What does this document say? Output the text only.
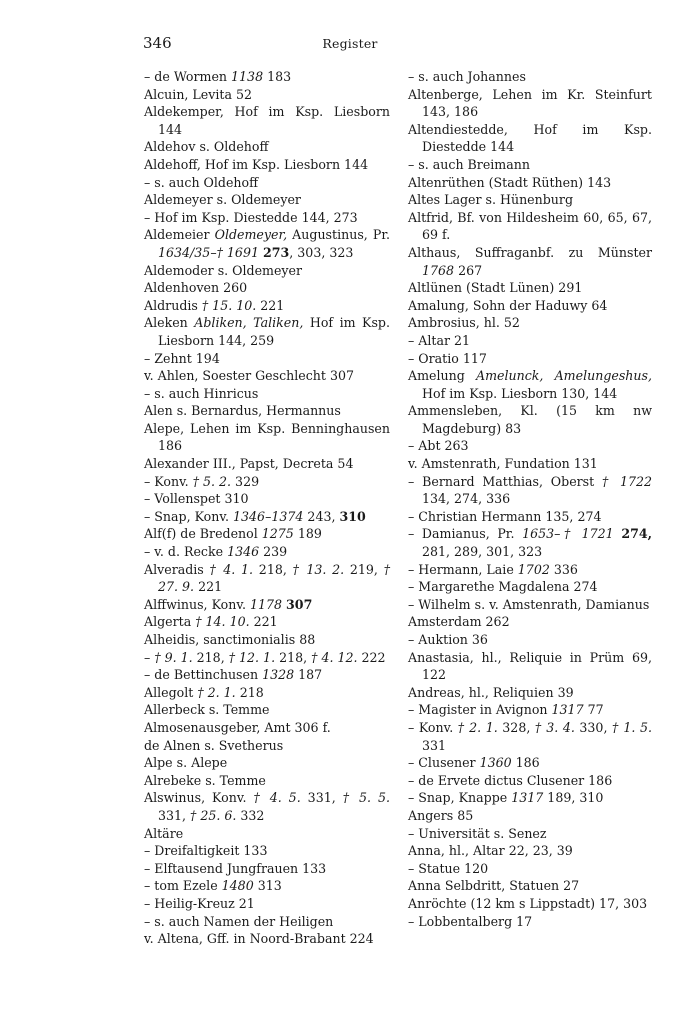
346	Register
– de Wormen 1138 183
Alcuin, Levita 52
Aldekemper, Hof im Ksp. Liesborn 144
Aldehov s. Oldehoff
Aldehoff, Hof im Ksp. Liesborn 144
– s. auch Oldehoff
Aldemeyer s. Oldemeyer
– Hof im Ksp. Diestedde 144, 273
Aldemeier Oldemeyer, Augustinus, Pr. 1634/35–† 1691 273, 303, 323
Aldemoder s. Oldemeyer
Aldenhoven 260
Aldrudis † 15. 10. 221
Aleken Abliken, Taliken, Hof im Ksp. Liesborn 144, 259
– Zehnt 194
v. Ahlen, Soester Geschlecht 307
– s. auch Hinricus
Alen s. Bernardus, Hermannus
Alepe, Lehen im Ksp. Benninghausen 186
Alexander III., Papst, Decreta 54
– Konv. † 5. 2. 329
– Vollenspet 310
– Snap, Konv. 1346–1374 243, 310
Alf(f) de Bredenol 1275 189
– v. d. Recke 1346 239
Alveradis † 4. 1. 218, † 13. 2. 219, † 27. 9. 221
Alffwinus, Konv. 1178 307
Algerta † 14. 10. 221
Alheidis, sanctimonialis 88
– † 9. 1. 218, † 12. 1. 218, † 4. 12. 222
– de Bettinchusen 1328 187
Allegolt † 2. 1. 218
Allerbeck s. Temme
Almosenausgeber, Amt 306 f.
de Alnen s. Svetherus
Alpe s. Alepe
Alrebeke s. Temme
Alswinus, Konv. † 4. 5. 331, † 5. 5. 331, † 25. 6. 332
Altäre
– Dreifaltigkeit 133
– Elftausend Jungfrauen 133
– tom Ezele 1480 313
– Heilig-Kreuz 21
– s. auch Namen der Heiligen
v. Altena, Gff. in Noord-Brabant 224
– s. auch Johannes
Altenberge, Lehen im Kr. Steinfurt 143, 186
Altendiestedde, Hof im Ksp. Diestedde 144
– s. auch Breimann
Altenrüthen (Stadt Rüthen) 143
Altes Lager s. Hünenburg
Altfrid, Bf. von Hildesheim 60, 65, 67, 69 f.
Althaus, Suffraganbf. zu Münster 1768 267
Altlünen (Stadt Lünen) 291
Amalung, Sohn der Haduwy 64
Ambrosius, hl. 52
– Altar 21
– Oratio 117
Amelung Amelunck, Amelungeshus, Hof im Ksp. Liesborn 130, 144
Ammensleben, Kl. (15 km nw Magdeburg) 83
– Abt 263
v. Amstenrath, Fundation 131
– Bernard Matthias, Oberst † 1722 134, 274, 336
– Christian Hermann 135, 274
– Damianus, Pr. 1653–† 1721 274, 281, 289, 301, 323
– Hermann, Laie 1702 336
– Margarethe Magdalena 274
– Wilhelm s. v. Amstenrath, Damianus
Amsterdam 262
– Auktion 36
Anastasia, hl., Reliquie in Prüm 69, 122
Andreas, hl., Reliquien 39
– Magister in Avignon 1317 77
– Konv. † 2. 1. 328, † 3. 4. 330, † 1. 5. 331
– Clusener 1360 186
– de Ervete dictus Clusener 186
– Snap, Knappe 1317 189, 310
Angers 85
– Universität s. Senez
Anna, hl., Altar 22, 23, 39
– Statue 120
Anna Selbdritt, Statuen 27
Anröchte (12 km s Lippstadt) 17, 303
– Lobbentalberg 17
